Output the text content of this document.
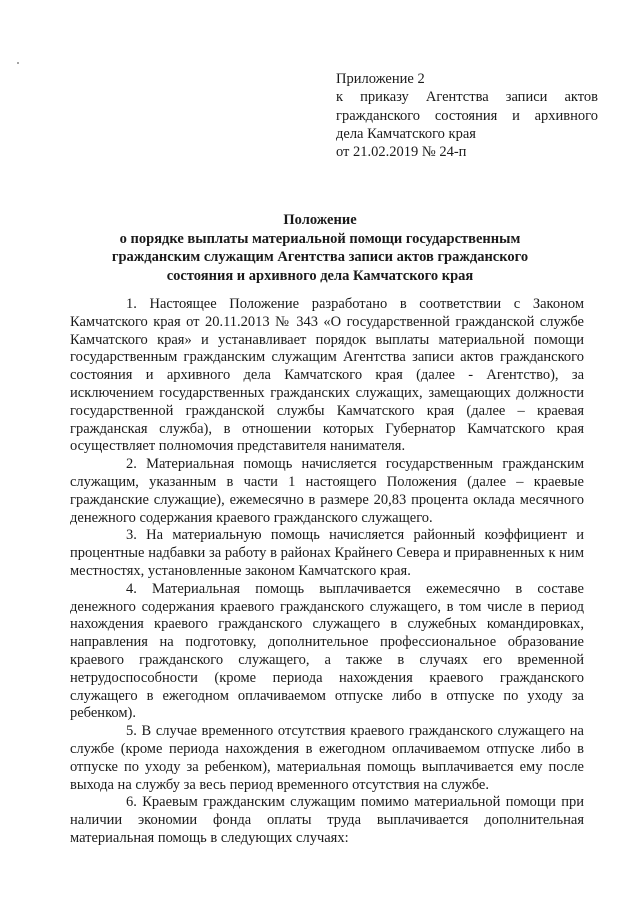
Приложение 2
к приказу Агентства записи актов
гражданского состояния и архивного
дела Камчатского края
от 21.02.2019 № 24-п
Положение
о порядке выплаты материальной помощи государственным
гражданским служащим Агентства записи актов гражданского
состояния и архивного дела Камчатского края

1. Настоящее Положение разработано в соответствии с Законом Камчатского края от 20.11.2013 № 343 «О государственной гражданской службе Камчатского края» и устанавливает порядок выплаты материальной помощи государственным гражданским служащим Агентства записи актов гражданского состояния и архивного дела Камчатского края (далее - Агентство), за исключением государственных гражданских служащих, замещающих должности государственной гражданской службы Камчатского края (далее – краевая гражданская служба), в отношении которых Губернатор Камчатского края осуществляет полномочия представителя нанимателя.

2. Материальная помощь начисляется государственным гражданским служащим, указанным в части 1 настоящего Положения (далее – краевые гражданские служащие), ежемесячно в размере 20,83 процента оклада месячного денежного содержания краевого гражданского служащего.

3. На материальную помощь начисляется районный коэффициент и процентные надбавки за работу в районах Крайнего Севера и приравненных к ним местностях, установленные законом Камчатского края.

4. Материальная помощь выплачивается ежемесячно в составе денежного содержания краевого гражданского служащего, в том числе в период нахождения краевого гражданского служащего в служебных командировках, направления на подготовку, дополнительное профессиональное образование краевого гражданского служащего, а также в случаях его временной нетрудоспособности (кроме периода нахождения краевого гражданского служащего в ежегодном оплачиваемом отпуске либо в отпуске по уходу за ребенком).

5. В случае временного отсутствия краевого гражданского служащего на службе (кроме периода нахождения в ежегодном оплачиваемом отпуске либо в отпуске по уходу за ребенком), материальная помощь выплачивается ему после выхода на службу за весь период временного отсутствия на службе.

6. Краевым гражданским служащим помимо материальной помощи при наличии экономии фонда оплаты труда выплачивается дополнительная материальная помощь в следующих случаях:
